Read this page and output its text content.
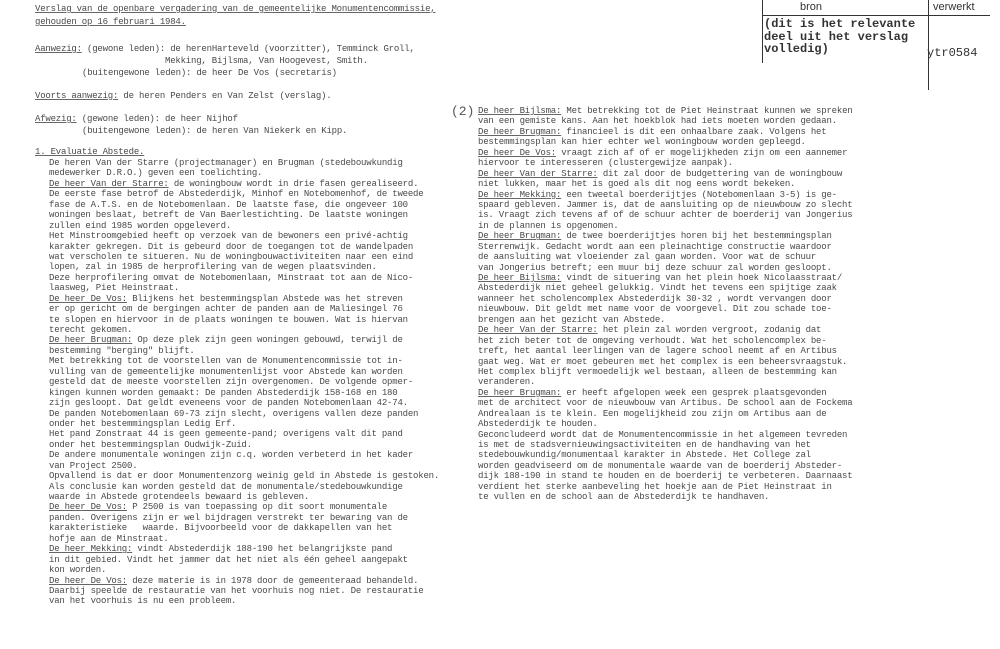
Verslag van de openbare vergadering van de gemeentelijke Monumentencommissie,
gehouden op 16 februari 1984.
Aanwezig: (gewone leden): de herenHarteveld (voorzitter), Temminck Groll,
Mekking, Bijlsma, Van Hoogevest, Smith.
(buitengewone leden): de heer De Vos (secretaris)
Voorts aanwezig: de heren Penders en Van Zelst (verslag).
Afwezig: (gewone leden): de heer Nijhof
(buitengewone leden): de heren Van Niekerk en Kipp.
1. Evaluatie Abstede.
De heren Van der Starre (projectmanager) en Brugman (stedebouwkundig
medewerker D.R.O.) geven een toelichting.
De heer Van der Starre: de woningbouw wordt in drie fasen gerealiseerd.
De eerste fase betrof de Abstederdijk, Minhof en Notebomenhof, de tweede
fase de A.T.S. en de Notebomenlaan. De laatste fase, die ongeveer 100
woningen beslaat, betreft de Van Baerlestichting. De laatste woningen
zullen eind 1985 worden opgeleverd.
Het Minstroomgebied heeft op verzoek van de bewoners een privé-achtig
karakter gekregen. Dit is gebeurd door de toegangen tot de wandelpaden
wat verscholen te situeren. Nu de woningbouwactiviteiten naar een eind
lopen, zal in 1985 de herprofilering van de wegen plaatsvinden.
Deze herprofilering omvat de Notebomenlaan, Minstraat tot aan de Nico-
laasweg, Piet Heinstraat.
De heer De Vos: Blijkens het bestemmingsplan Abstede was het streven
er op gericht om de bergingen achter de panden aan de Maliesingel 76
te slopen en hiervoor in de plaats woningen te bouwen. Wat is hiervan
terecht gekomen.
De heer Brugman: Op deze plek zijn geen woningen gebouwd, terwijl de
bestemming "berging" blijft.
Met betrekking tot de voorstellen van de Monumentencommissie tot in-
vulling van de gemeentelijke monumentenlijst voor Abstede kan worden
gesteld dat de meeste voorstellen zijn overgenomen. De volgende opmer-
kingen kunnen worden gemaakt: De panden Abstederdijk 158-168 en 180
zijn gesloopt. Dat geldt eveneens voor de panden Notebomenlaan 42-74.
De panden Notebomenlaan 69-73 zijn slecht, overigens vallen deze panden
onder het bestemmingsplan Ledig Erf.
Het pand Zonstraat 44 is geen gemeente-pand; overigens valt dit pand
onder het bestemmingsplan Oudwijk-Zuid.
De andere monumentale woningen zijn c.q. worden verbeterd in het kader
van Project 2500.
Opvallend is dat er door Monumentenzorg weinig geld in Abstede is gestoken.
Als conclusie kan worden gesteld dat de monumentale/stedebouwkundige
waarde in Abstede grotendeels bewaard is gebleven.
De heer De Vos: P 2500 is van toepassing op dit soort monumentale
panden. Overigens zijn er wel bijdragen verstrekt ter bewaring van de
karakteristieke   waarde. Bijvoorbeeld voor de dakkapellen van het
hofje aan de Minstraat.
De heer Mekking: vindt Abstederdijk 188-190 het belangrijkste pand
in dit gebied. Vindt het jammer dat het niet als één geheel aangepakt
kon worden.
De heer De Vos: deze materie is in 1978 door de gemeenteraad behandeld.
Daarbij speelde de restauratie van het voorhuis nog niet. De restauratie
van het voorhuis is nu een probleem.
(2) De heer Bijlsma: Met betrekking tot de Piet Heinstraat kunnen we spreken
van een gemiste kans. Aan het hoekblok had iets moeten worden gedaan.
De heer Brugman: financieel is dit een onhaalbare zaak. Volgens het
bestemmingsplan kan hier echter wel woningbouw worden gepleegd.
De heer De Vos: vraagt zich af of er mogelijkheden zijn om een aannemer
hiervoor te interesseren (clustergewijze aanpak).
De heer Van der Starre: dit zal door de budgettering van de woningbouw
niet lukken, maar het is goed als dit nog eens wordt bekeken.
De heer Mekking: een tweetal boerderijtjes (Notebomenlaan 3-5) is ge-
spaard gebleven. Jammer is, dat de aansluiting op de nieuwbouw zo slecht
is. Vraagt zich tevens af of de schuur achter de boerderij van Jongerius
in de plannen is opgenomen.
De heer Brugman: de twee boerderijtjes horen bij het bestemmingsplan
Sterrenwijk. Gedacht wordt aan een pleinachtige constructie waardoor
de aansluiting wat vloeiender zal gaan worden. Voor wat de schuur
van Jongerius betreft; een muur bij deze schuur zal worden gesloopt.
De heer Bijlsma: vindt de situering van het plein hoek Nicolaasstraat/
Abstederdijk niet geheel gelukkig. Vindt het tevens een spijtige zaak
wanneer het scholencomplex Abstederdijk 30-32 , wordt vervangen door
nieuwbouw. Dit geldt met name voor de voorgevel. Dit zou schade toe-
brengen aan het gezicht van Abstede.
De heer Van der Starre: het plein zal worden vergroot, zodanig dat
het zich beter tot de omgeving verhoudt. Wat het scholencomplex be-
treft, het aantal leerlingen van de lagere school neemt af en Artibus
gaat weg. Wat er moet gebeuren met het complex is een beheersvraagstuk.
Het complex blijft vermoedelijk wel bestaan, alleen de bestemming kan
veranderen.
De heer Brugman: er heeft afgelopen week een gesprek plaatsgevonden
met de architect voor de nieuwbouw van Artibus. De school aan de Fockema
Andrealaan is te klein. Een mogelijkheid zou zijn om Artibus aan de
Abstederdijk te houden.
Geconcludeerd wordt dat de Monumentencommissie in het algemeen tevreden
is met de stadsvernieuwingsactiviteiten en de handhaving van het
stedebouwkundig/monumentaal karakter in Abstede. Het College zal
worden geadviseerd om de monumentale waarde van de boerderij Absteder-
dijk 188-190 in stand te houden en de boerderij te verbeteren. Daarnaast
verdient het sterke aanbeveling het hoekje aan de Piet Heinstraat in
te vullen en de school aan de Abstederdijk te handhaven.
bron	verwerkt
(dit is het relevante
deel uit het verslag
volledig)	ytr0584
